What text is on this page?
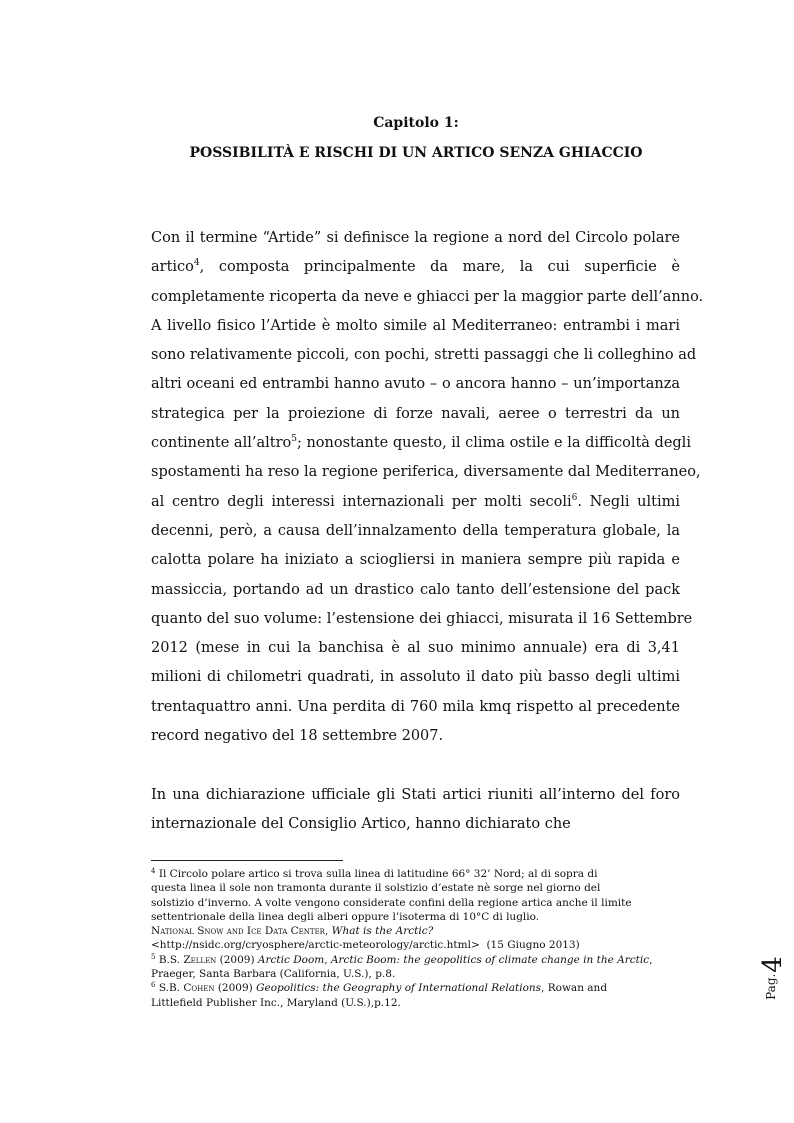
Capitolo 1:
POSSIBILITÀ E RISCHI DI UN ARTICO SENZA GHIACCIO
Con il termine “Artide” si definisce la regione a nord del Circolo polare
artico$^4$, composta principalmente da mare, la cui superficie è
completamente ricoperta da neve e ghiacci per la maggior parte dell’anno.
A livello fisico l’Artide è molto simile al Mediterraneo: entrambi i mari
sono relativamente piccoli, con pochi, stretti passaggi che li colleghino ad
altri oceani ed entrambi hanno avuto – o ancora hanno – un’importanza
strategica per la proiezione di forze navali, aeree o terrestri da un
continente all’altro$^5$; nonostante questo, il clima ostile e la difficoltà degli
spostamenti ha reso la regione periferica, diversamente dal Mediterraneo,
al centro degli interessi internazionali per molti secoli$^6$. Negli ultimi
decenni, però, a causa dell’innalzamento della temperatura globale, la
calotta polare ha iniziato a sciogliersi in maniera sempre più rapida e
massiccia, portando ad un drastico calo tanto dell’estensione del pack
quanto del suo volume: l’estensione dei ghiacci, misurata il 16 Settembre
2012 (mese in cui la banchisa è al suo minimo annuale) era di 3,41
milioni di chilometri quadrati, in assoluto il dato più basso degli ultimi
trentaquattro anni. Una perdita di 760 mila kmq rispetto al precedente
record negativo del 18 settembre 2007.
In una dichiarazione ufficiale gli Stati artici riuniti all’interno del foro
internazionale del Consiglio Artico, hanno dichiarato che
$^4$ Il Circolo polare artico si trova sulla linea di latitudine 66° 32’ Nord; al di sopra di
questa linea il sole non tramonta durante il solstizio d’estate nè sorge nel giorno del
solstizio d’inverno. A volte vengono considerate confini della regione artica anche il limite
settentrionale della linea degli alberi oppure l’isoterma di 10°C di luglio.
National Snow and Ice Data Center, What is the Arctic?
<http://nsidc.org/cryosphere/arctic-meteorology/arctic.html> (15 Giugno 2013)
$^5$ B.S. Zellen (2009) Arctic Doom, Arctic Boom: the geopolitics of climate change in the Arctic,
Praeger, Santa Barbara (California, U.S.), p.8.
$^6$ S.B. Cohen (2009) Geopolitics: the Geography of International Relations, Rowan and
Littlefield Publisher Inc., Maryland (U.S.),p.12.
Pag.
4
